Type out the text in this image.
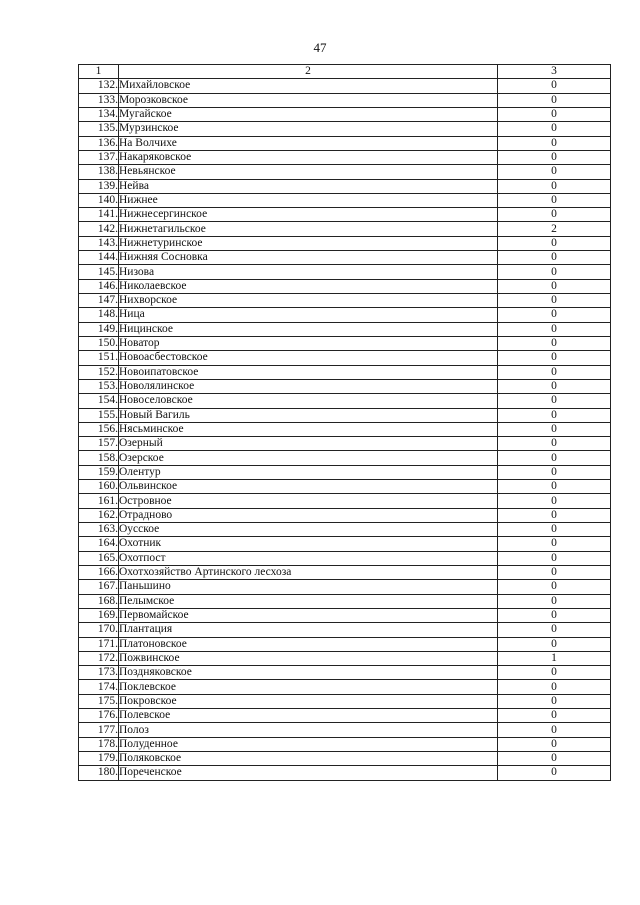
47
1	2	3
132.	Михайловское	0
133.	Морозковское	0
134.	Мугайское	0
135.	Мурзинское	0
136.	На Волчихе	0
137.	Накаряковское	0
138.	Невьянское	0
139.	Нейва	0
140.	Нижнее	0
141.	Нижнесергинское	0
142.	Нижнетагильское	2
143.	Нижнетуринское	0
144.	Нижняя Сосновка	0
145.	Низова	0
146.	Николаевское	0
147.	Нихворское	0
148.	Ница	0
149.	Ницинское	0
150.	Новатор	0
151.	Новоасбестовское	0
152.	Новоипатовское	0
153.	Новолялинское	0
154.	Новоселовское	0
155.	Новый Вагиль	0
156.	Нясьминское	0
157.	Озерный	0
158.	Озерское	0
159.	Олентур	0
160.	Ольвинское	0
161.	Островное	0
162.	Отрадново	0
163.	Оусское	0
164.	Охотник	0
165.	Охотпост	0
166.	Охотхозяйство Артинского лесхоза	0
167.	Паньшино	0
168.	Пелымское	0
169.	Первомайское	0
170.	Плантация	0
171.	Платоновское	0
172.	Пожвинское	1
173.	Поздняковское	0
174.	Поклевское	0
175.	Покровское	0
176.	Полевское	0
177.	Полоз	0
178.	Полуденное	0
179.	Поляковское	0
180.	Пореченское	0
